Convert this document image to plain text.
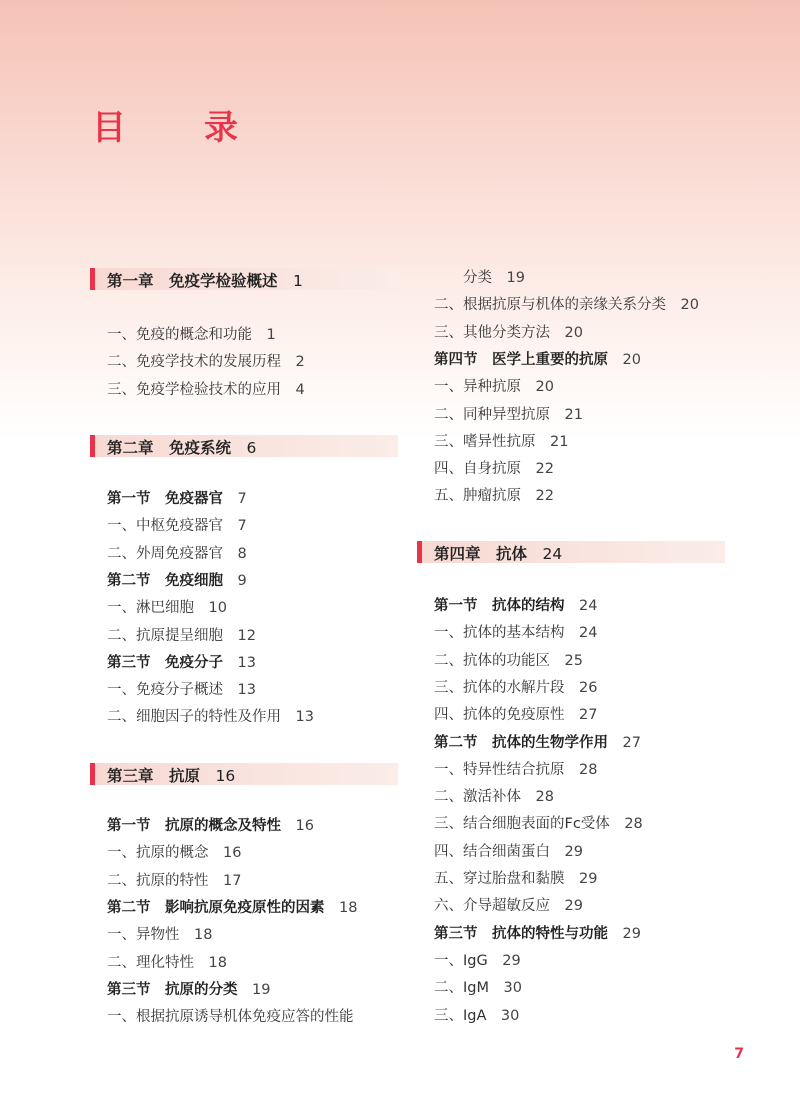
目　录
第一章　免疫学检验概述　 1
一、免疫的概念和功能　 1
二、免疫学技术的发展历程　 2
三、免疫学检验技术的应用　 4
第二章　免疫系统　 6
第一节　免疫器官　 7
一、中枢免疫器官　 7
二、外周免疫器官　 8
第二节　免疫细胞　 9
一、淋巴细胞　 10
二、抗原提呈细胞　 12
第三节　免疫分子　 13
一、免疫分子概述　 13
二、细胞因子的特性及作用　 13
第三章　抗原　 16
第一节　抗原的概念及特性　 16
一、抗原的概念　 16
二、抗原的特性　 17
第二节　影响抗原免疫原性的因素　 18
一、异物性　 18
二、理化特性　 18
第三节　抗原的分类　 19
一、根据抗原诱导机体免疫应答的性能
　　分类　 19
二、根据抗原与机体的亲缘关系分类　 20
三、其他分类方法　 20
第四节　医学上重要的抗原　 20
一、异种抗原　 20
二、同种异型抗原　 21
三、嗜异性抗原　 21
四、自身抗原　 22
五、肿瘤抗原　 22
第四章　抗体　 24
第一节　抗体的结构　 24
一、抗体的基本结构　 24
二、抗体的功能区　 25
三、抗体的水解片段　 26
四、抗体的免疫原性　 27
第二节　抗体的生物学作用　 27
一、特异性结合抗原　 28
二、激活补体　 28
三、结合细胞表面的Fc受体　 28
四、结合细菌蛋白　 29
五、穿过胎盘和黏膜　 29
六、介导超敏反应　 29
第三节　抗体的特性与功能　 29
一、IgG　 29
二、IgM　 30
三、IgA　 30
7
